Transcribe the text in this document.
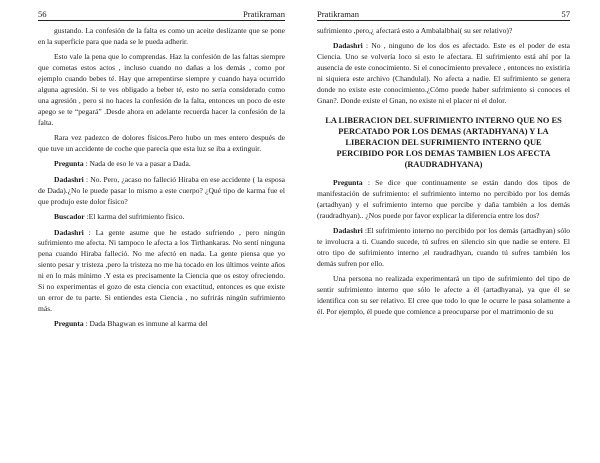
56	Pratikraman

gustando. La confesión de la falta es como un aceite deslizante que se pone en la superficie para que nada se le pueda adherir.

Esto vale la pena que lo comprendas. Haz la confesión de las faltas siempre que cometas estos actos , incluso cuando no dañas a los demás , como por ejemplo cuando bebes té. Hay que arrepentirse siempre y cuando haya ocurrido alguna agresión. Si te ves obligado a beber té, esto no sería considerado como una agresión , pero si no haces la confesión de la falta, entonces un poco de este apego se te “pegará” .Desde ahora en adelante recuerda hacer la confesión de la falta.

Rara vez padezco de dolores físicos.Pero hubo un mes entero después de que tuve un accidente de coche que parecía que esta luz se iba a extinguir.

Pregunta : Nada de eso le va a pasar a Dada.

Dadashri : No. Pero, ¿acaso no falleció Hiraba en ese accidente ( la esposa de Dada).¿No le puede pasar lo mismo a este cuerpo? ¿Qué tipo de karma fue el que produjo este dolor físico?

Buscador :El karma del sufrimiento físico.

Dadashri : La gente asume que he estado sufriendo , pero ningún sufrimiento me afecta. Ni tampoco le afecta a los Tirthankaras. No sentí ninguna pena cuando Hiraba falleció. No me afectó en nada. La gente piensa que yo siento pesar y tristeza ,pero la tristeza no me ha tocado en los últimos veinte años ni en lo más mínimo .Y esta es precisamente la Ciencia que os estoy ofreciendo. Si no experimentas el gozo de esta ciencia con exactitud, entonces es que existe un error de tu parte. Si entiendes esta Ciencia , no sufrirás ningún sufrimiento más.

Pregunta : Dada Bhagwan es inmune al karma del

Pratikraman	57

sufrimiento ,pero,¿ afectará esto a Ambalalbhai( su ser relativo)?

Dadashri : No , ninguno de los dos es afectado. Este es el poder de esta Ciencia. Uno se volvería loco si esto le afectara. El sufrimiento está ahí por la ausencia de este conocimiento. Si el conocimiento prevalece , entonces no existiría ni siquiera este archivo (Chandulal). No afecta a nadie. El sufrimiento se genera donde no existe este conocimiento.¿Cómo puede haber sufrimiento si conoces el Gnan?. Donde existe el Gnan, no existe ni el placer ni el dolor.

LA LIBERACION DEL SUFRIMIENTO INTERNO QUE NO ES PERCATADO POR LOS DEMAS (ARTADHYANA) Y LA LIBERACION DEL SUFRIMIENTO INTERNO QUE PERCIBIDO POR LOS DEMAS TAMBIEN LOS AFECTA (RAUDRADHYANA)

Pregunta : Se dice que continuamente se están dando dos tipos de manifestación de sufrimiento: el sufrimiento interno no percibido por los demás (artadhyan) y el sufrimiento interno que percibe y daña también a los demás (raudradhyan).. ¿Nos puede por favor explicar la diferencia entre los dos?

Dadashri :El sufrimiento interno no percibido por los demás (artadhyan) sólo te involucra a ti. Cuando sucede, tú sufres en silencio sin que nadie se entere. El otro tipo de sufrimiento interno ,el raudradhyan, cuando tú sufres también los demás sufren por ello.

Una persona no realizada experimentará un tipo de sufrimiento del tipo de sentir sufrimiento interno que sólo le afecte a él (artadhyana), ya que él se identifica con su ser relativo. El cree que todo lo que le ocurre le pasa solamente a él. Por ejemplo, él puede que comience a preocuparse por el matrimonio de su
